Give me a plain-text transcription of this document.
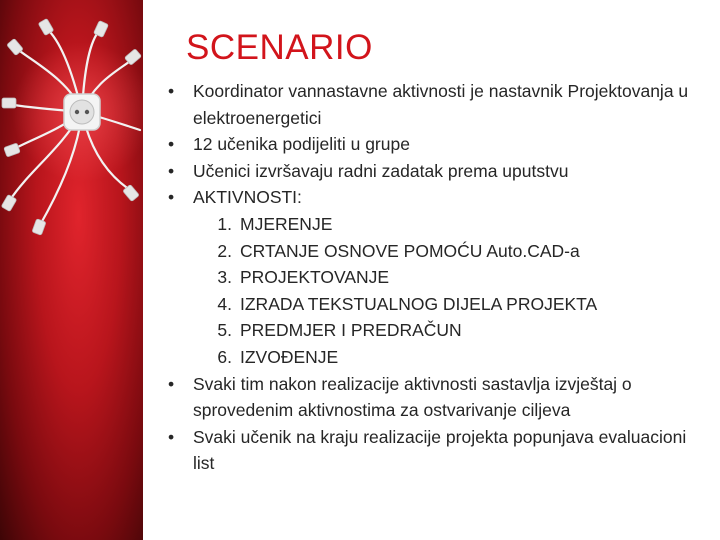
SCENARIO
•	Koordinator vannastavne aktivnosti je nastavnik Projektovanja u elektroenergetici
•	12 učenika podijeliti u grupe
•	Učenici izvršavaju radni zadatak prema uputstvu
•	AKTIVNOSTI:
1. MJERENJE
2. CRTANJE OSNOVE POMOĆU Auto.CAD-a
3. PROJEKTOVANJE
4. IZRADA TEKSTUALNOG DIJELA PROJEKTA
5. PREDMJER I PREDRAČUN
6. IZVOĐENJE
•	Svaki tim nakon realizacije aktivnosti sastavlja izvještaj o sprovedenim aktivnostima za ostvarivanje ciljeva
•	Svaki učenik na kraju realizacije projekta popunjava evaluacioni list
